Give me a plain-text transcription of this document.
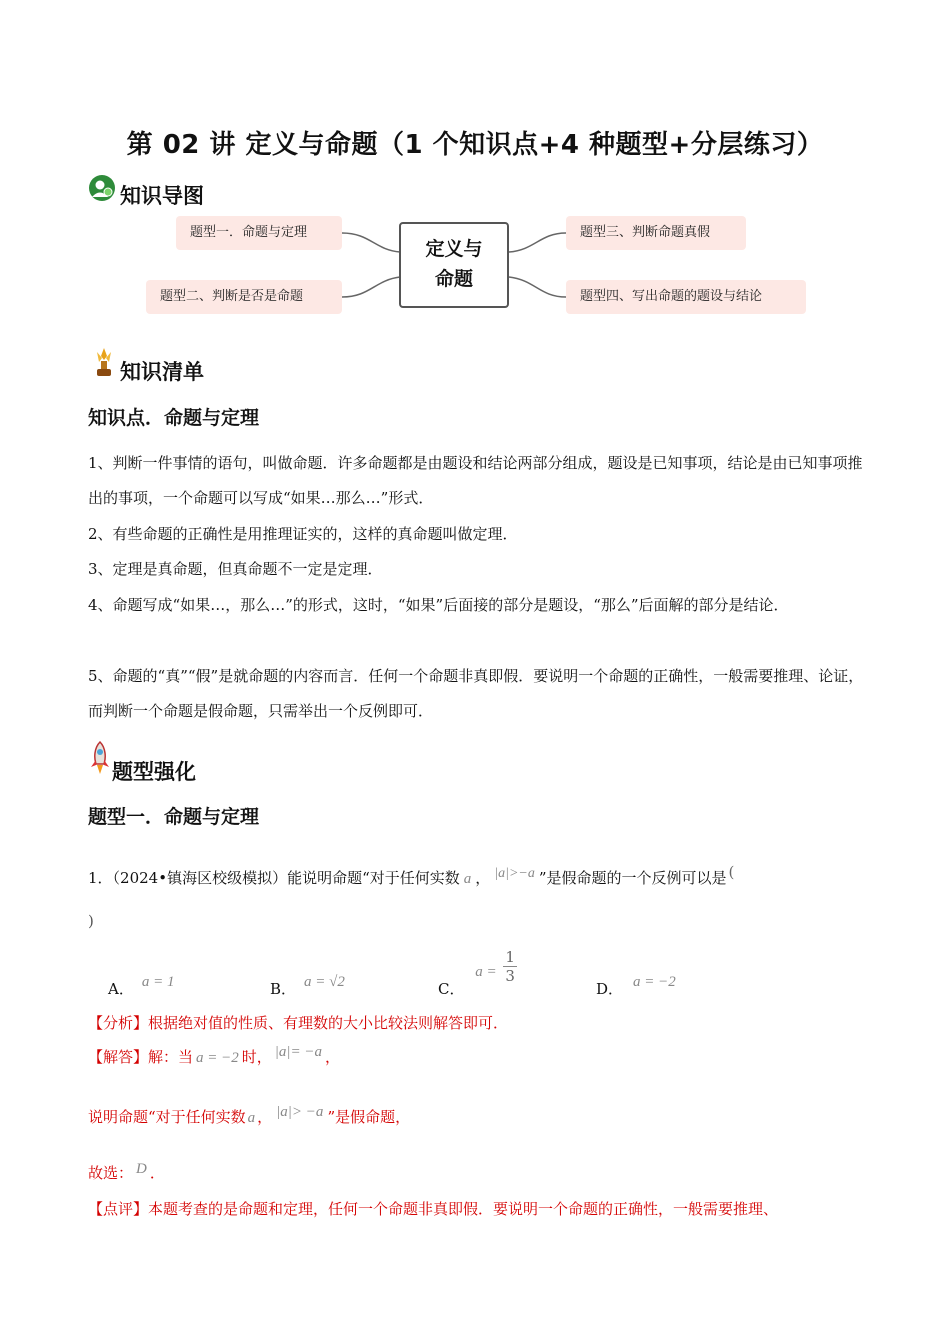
第 02 讲 定义与命题（1 个知识点+4 种题型+分层练习）
知识导图
题型一．命题与定理
题型二、判断是否是命题
定义与
命题
题型三、判断命题真假
题型四、写出命题的题设与结论
知识清单
知识点．命题与定理
1、判断一件事情的语句，叫做命题．许多命题都是由题设和结论两部分组成，题设是已知事项，结论是由已知事项推出的事项，一个命题可以写成“如果…那么…”形式．
2、有些命题的正确性是用推理证实的，这样的真命题叫做定理．
3、定理是真命题，但真命题不一定是定理．
4、命题写成“如果…，那么…”的形式，这时，“如果”后面接的部分是题设，“那么”后面解的部分是结论．
5、命题的“真”“假”是就命题的内容而言．任何一个命题非真即假．要说明一个命题的正确性，一般需要推理、论证，而判断一个命题是假命题，只需举出一个反例即可．
题型强化
题型一．命题与定理
1．（2024•镇海区校级模拟）能说明命题“对于任何实数 a ， |a|>−a ”是假命题的一个反例可以是 (
)
A． a = 1	B． a = √2	C． $a = \frac{1}{3}$
D． a = −2
【分析】根据绝对值的性质、有理数的大小比较法则解答即可．
【解答】解：当 a = −2 时， |a|= −a ，
说明命题“对于任何实数 a ， |a|> −a ”是假命题，
故选： D ．
【点评】本题考查的是命题和定理，任何一个命题非真即假．要说明一个命题的正确性，一般需要推理、
